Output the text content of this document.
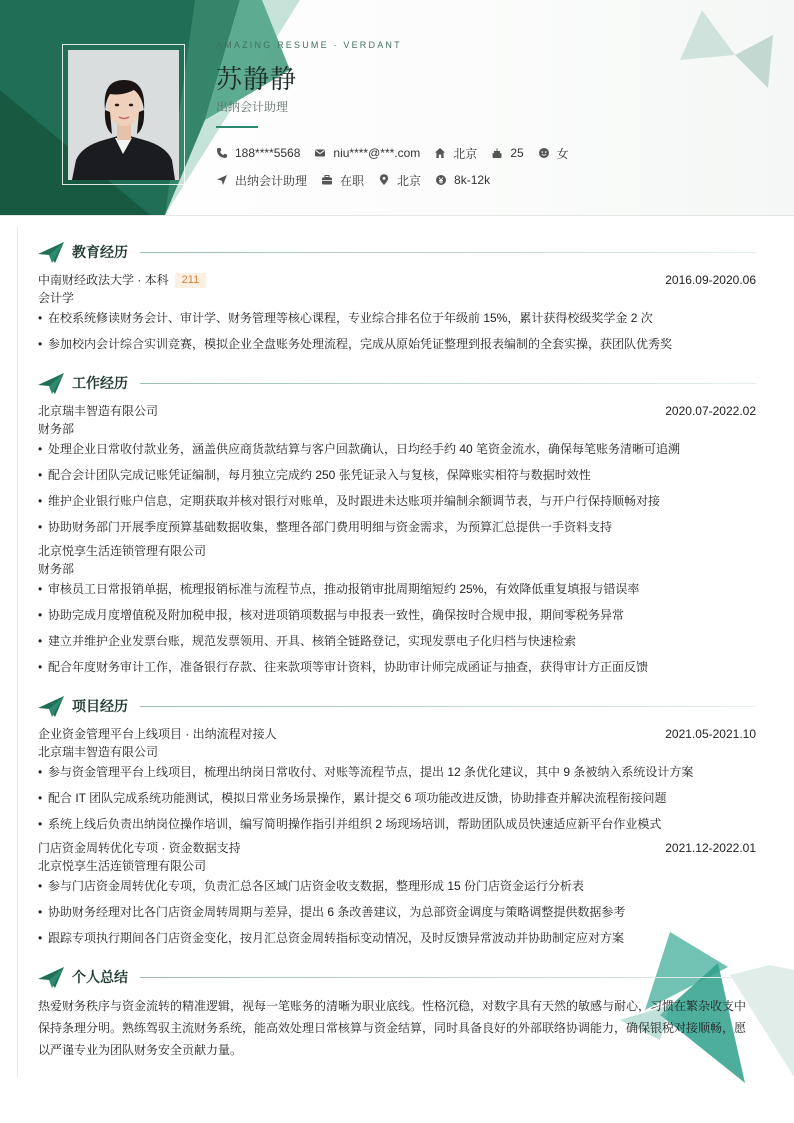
AMAZING RESUME · VERDANT
苏静静
出纳会计助理
188****5568	niu****@***.com	北京	25	女
出纳会计助理	在职	北京	8k-12k
教育经历
中南财经政法大学 · 本科 211	2016.09-2020.06
会计学
• 在校系统修读财务会计、审计学、财务管理等核心课程，专业综合排名位于年级前 15%，累计获得校级奖学金 2 次
• 参加校内会计综合实训竞赛，模拟企业全盘账务处理流程，完成从原始凭证整理到报表编制的全套实操，获团队优秀奖
工作经历
北京瑞丰智造有限公司	2020.07-2022.02
财务部
• 处理企业日常收付款业务，涵盖供应商货款结算与客户回款确认，日均经手约 40 笔资金流水，确保每笔账务清晰可追溯
• 配合会计团队完成记账凭证编制，每月独立完成约 250 张凭证录入与复核，保障账实相符与数据时效性
• 维护企业银行账户信息，定期获取并核对银行对账单，及时跟进未达账项并编制余额调节表，与开户行保持顺畅对接
• 协助财务部门开展季度预算基础数据收集，整理各部门费用明细与资金需求，为预算汇总提供一手资料支持
北京悦享生活连锁管理有限公司
财务部
• 审核员工日常报销单据，梳理报销标准与流程节点，推动报销审批周期缩短约 25%，有效降低重复填报与错误率
• 协助完成月度增值税及附加税申报，核对进项销项数据与申报表一致性，确保按时合规申报，期间零税务异常
• 建立并维护企业发票台账，规范发票领用、开具、核销全链路登记，实现发票电子化归档与快速检索
• 配合年度财务审计工作，准备银行存款、往来款项等审计资料，协助审计师完成函证与抽查，获得审计方正面反馈
项目经历
企业资金管理平台上线项目 · 出纳流程对接人	2021.05-2021.10
北京瑞丰智造有限公司
• 参与资金管理平台上线项目，梳理出纳岗日常收付、对账等流程节点，提出 12 条优化建议，其中 9 条被纳入系统设计方案
• 配合 IT 团队完成系统功能测试，模拟日常业务场景操作，累计提交 6 项功能改进反馈，协助排查并解决流程衔接问题
• 系统上线后负责出纳岗位操作培训，编写简明操作指引并组织 2 场现场培训，帮助团队成员快速适应新平台作业模式
门店资金周转优化专项 · 资金数据支持	2021.12-2022.01
北京悦享生活连锁管理有限公司
• 参与门店资金周转优化专项，负责汇总各区域门店资金收支数据，整理形成 15 份门店资金运行分析表
• 协助财务经理对比各门店资金周转周期与差异，提出 6 条改善建议，为总部资金调度与策略调整提供数据参考
• 跟踪专项执行期间各门店资金变化，按月汇总资金周转指标变动情况，及时反馈异常波动并协助制定应对方案
个人总结
热爱财务秩序与资金流转的精准逻辑，视每一笔账务的清晰为职业底线。性格沉稳，对数字具有天然的敏感与耐心，习惯在繁杂收支中保持条理分明。熟练驾驭主流财务系统，能高效处理日常核算与资金结算，同时具备良好的外部联络协调能力，确保银税对接顺畅，愿以严谨专业为团队财务安全贡献力量。
